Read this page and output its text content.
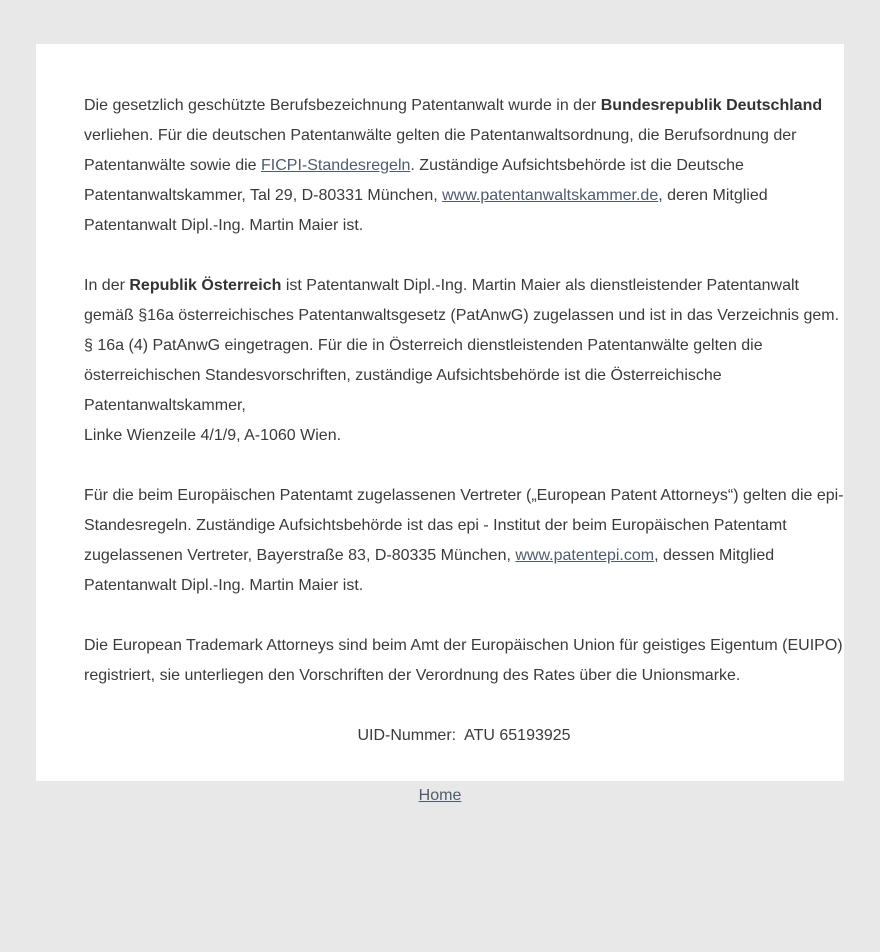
Die gesetzlich geschützte Berufsbezeichnung Patentanwalt wurde in der Bundesrepublik Deutschland verliehen. Für die deutschen Patentanwälte gelten die Patentanwaltsordnung, die Berufsordnung der Patentanwälte sowie die FICPI-Standesregeln. Zuständige Aufsichtsbehörde ist die Deutsche Patentanwaltskammer, Tal 29, D-80331 München, www.patentanwaltskammer.de, deren Mitglied Patentanwalt Dipl.-Ing. Martin Maier ist.

In der Republik Österreich ist Patentanwalt Dipl.-Ing. Martin Maier als dienstleistender Patentanwalt gemäß §16a österreichisches Patentanwaltsgesetz (PatAnwG) zugelassen und ist in das Verzeichnis gem. § 16a (4) PatAnwG eingetragen. Für die in Österreich dienstleistenden Patentanwälte gelten die österreichischen Standesvorschriften, zuständige Aufsichtsbehörde ist die Österreichische Patentanwaltskammer,
Linke Wienzeile 4/1/9, A-1060 Wien.

Für die beim Europäischen Patentamt zugelassenen Vertreter („European Patent Attorneys“) gelten die epi-Standesregeln. Zuständige Aufsichtsbehörde ist das epi - Institut der beim Europäischen Patentamt zugelassenen Vertreter, Bayerstraße 83, D-80335 München, www.patentepi.com, dessen Mitglied Patentanwalt Dipl.-Ing. Martin Maier ist.

Die European Trademark Attorneys sind beim Amt der Europäischen Union für geistiges Eigentum (EUIPO) registriert, sie unterliegen den Vorschriften der Verordnung des Rates über die Unionsmarke.

UID-Nummer:  ATU 65193925
Home
